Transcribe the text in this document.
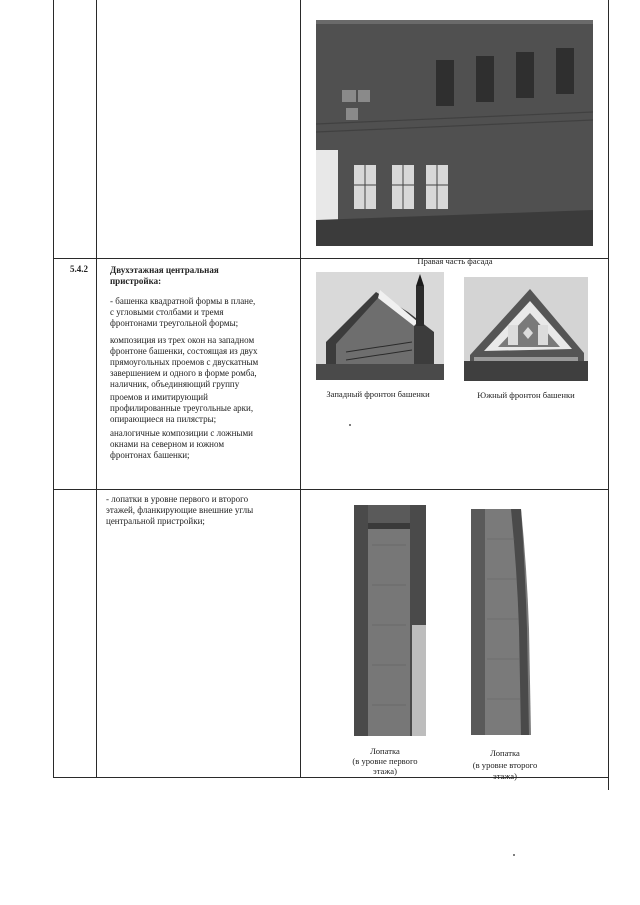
Правая часть фасада
5.4.2 Двухэтажная центральная
пристройка:
- башенка квадратной формы в плане,
с угловыми столбами и тремя
фронтонами треугольной формы;
композиция из трех окон на западном
фронтоне башенки, состоящая из двух
прямоугольных проемов с двускатным
завершением и одного в форме ромба,
наличник, объединяющий группу
проемов и имитирующий
профилированные треугольные арки,
опирающиеся на пилястры;
аналогичные композиции с ложными
окнами на северном и южном
фронтонах башенки;
Западный фронтон башенки	Южный фронтон башенки
- лопатки в уровне первого и второго
этажей, фланкирующие внешние углы
центральной пристройки;
Лопатка
(в уровне первого
этажа)
Лопатка
(в уровне второго
этажа)
